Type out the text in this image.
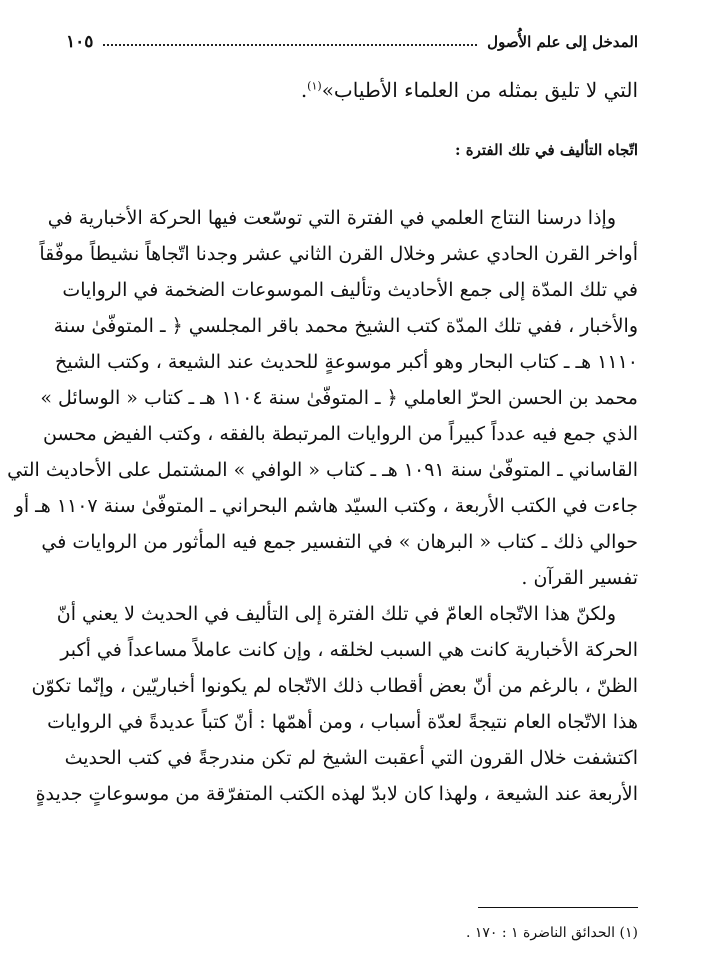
المدخل إلى علم الأُصول
١٠٥
التي لا تليق بمثله من العلماء الأطياب»$^{(١)}$.
اتّجاه التأليف في تلك الفترة :
وإذا درسنا النتاج العلمي في الفترة التي توسّعت فيها الحركة الأخبارية في
أواخر القرن الحادي عشر وخلال القرن الثاني عشر وجدنا اتّجاهاً نشيطاً موفّقاً
في تلك المدّة إلى جمع الأحاديث وتأليف الموسوعات الضخمة في الروايات
والأخبار ، ففي تلك المدّة كتب الشيخ محمد باقر المجلسي ﴿ ـ المتوفّىٰ سنة
١١١٠ هـ ـ كتاب البحار وهو أكبر موسوعةٍ للحديث عند الشيعة ، وكتب الشيخ
محمد بن الحسن الحرّ العاملي ﴿ ـ المتوفّىٰ سنة ١١٠٤ هـ ـ كتاب « الوسائل »
الذي جمع فيه عدداً كبيراً من الروايات المرتبطة بالفقه ، وكتب الفيض محسن
القاساني ـ المتوفّىٰ سنة ١٠٩١ هـ ـ كتاب « الوافي » المشتمل على الأحاديث التي
جاءت في الكتب الأربعة ، وكتب السيّد هاشم البحراني ـ المتوفّىٰ سنة ١١٠٧ هـ أو
حوالي ذلك ـ كتاب « البرهان » في التفسير جمع فيه المأثور من الروايات في
تفسير القرآن .
ولكنّ هذا الاتّجاه العامّ في تلك الفترة إلى التأليف في الحديث لا يعني أنّ
الحركة الأخبارية كانت هي السبب لخلقه ، وإن كانت عاملاً مساعداً في أكبر
الظنّ ، بالرغم من أنّ بعض أقطاب ذلك الاتّجاه لم يكونوا أخباريّين ، وإنّما تكوّن
هذا الاتّجاه العام نتيجةً لعدّة أسباب ، ومن أهمّها : أنّ كتباً عديدةً في الروايات
اكتشفت خلال القرون التي أعقبت الشيخ لم تكن مندرجةً في كتب الحديث
الأربعة عند الشيعة ، ولهذا كان لابدّ لهذه الكتب المتفرّقة من موسوعاتٍ جديدةٍ
(١) الحدائق الناضرة ١ : ١٧٠ .
